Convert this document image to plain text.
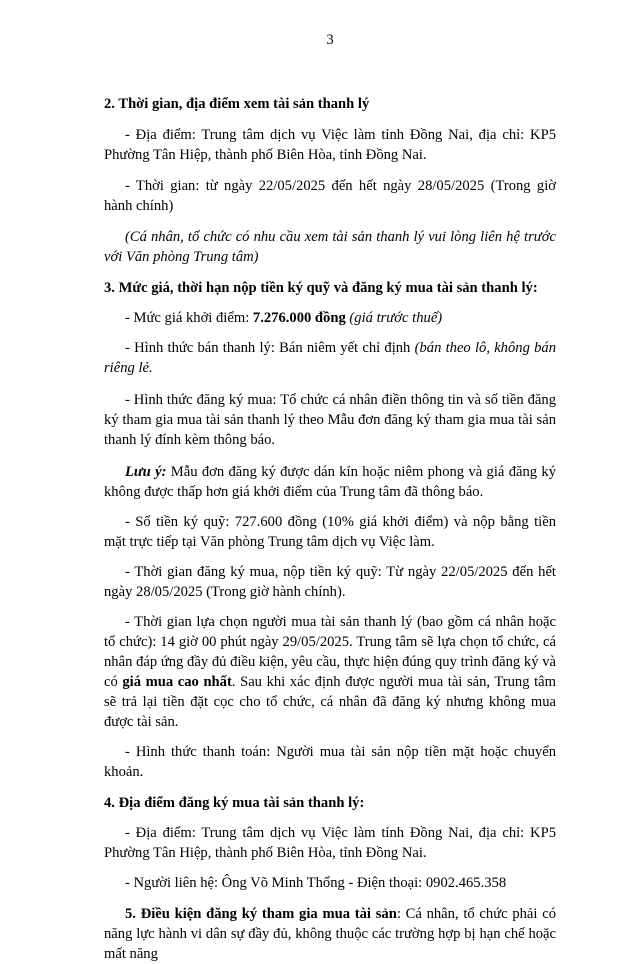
3

2. Thời gian, địa điểm xem tài sản thanh lý

- Địa điểm: Trung tâm dịch vụ Việc làm tỉnh Đồng Nai, địa chỉ: KP5 Phường Tân Hiệp, thành phố Biên Hòa, tỉnh Đồng Nai.

- Thời gian: từ ngày 22/05/2025 đến hết ngày 28/05/2025 (Trong giờ hành chính)

(Cá nhân, tổ chức có nhu cầu xem tài sản thanh lý vui lòng liên hệ trước với Văn phòng Trung tâm)

3. Mức giá, thời hạn nộp tiền ký quỹ và đăng ký mua tài sản thanh lý:

- Mức giá khởi điểm: 7.276.000 đồng (giá trước thuế)

- Hình thức bán thanh lý: Bán niêm yết chỉ định (bán theo lô, không bán riêng lẻ.

- Hình thức đăng ký mua: Tổ chức cá nhân điền thông tin và số tiền đăng ký tham gia mua tài sản thanh lý theo Mẫu đơn đăng ký tham gia mua tài sản thanh lý đính kèm thông báo.

Lưu ý: Mẫu đơn đăng ký được dán kín hoặc niêm phong và giá đăng ký không được thấp hơn giá khởi điểm của Trung tâm đã thông báo.

- Số tiền ký quỹ: 727.600 đồng (10% giá khởi điểm) và nộp bằng tiền mặt trực tiếp tại Văn phòng Trung tâm dịch vụ Việc làm.

- Thời gian đăng ký mua, nộp tiền ký quỹ: Từ ngày 22/05/2025 đến hết ngày 28/05/2025 (Trong giờ hành chính).

- Thời gian lựa chọn người mua tài sản thanh lý (bao gồm cá nhân hoặc tổ chức): 14 giờ 00 phút ngày 29/05/2025. Trung tâm sẽ lựa chọn tổ chức, cá nhân đáp ứng đầy đủ điều kiện, yêu cầu, thực hiện đúng quy trình đăng ký và có giá mua cao nhất. Sau khi xác định được người mua tài sản, Trung tâm sẽ trả lại tiền đặt cọc cho tổ chức, cá nhân đã đăng ký nhưng không mua được tài sản.

- Hình thức thanh toán: Người mua tài sản nộp tiền mặt hoặc chuyển khoản.

4. Địa điểm đăng ký mua tài sản thanh lý:

- Địa điểm: Trung tâm dịch vụ Việc làm tỉnh Đồng Nai, địa chỉ: KP5 Phường Tân Hiệp, thành phố Biên Hòa, tỉnh Đồng Nai.

- Người liên hệ: Ông Võ Minh Thống - Điện thoại: 0902.465.358

5. Điều kiện đăng ký tham gia mua tài sản: Cá nhân, tổ chức phải có năng lực hành vi dân sự đầy đủ, không thuộc các trường hợp bị hạn chế hoặc mất năng
